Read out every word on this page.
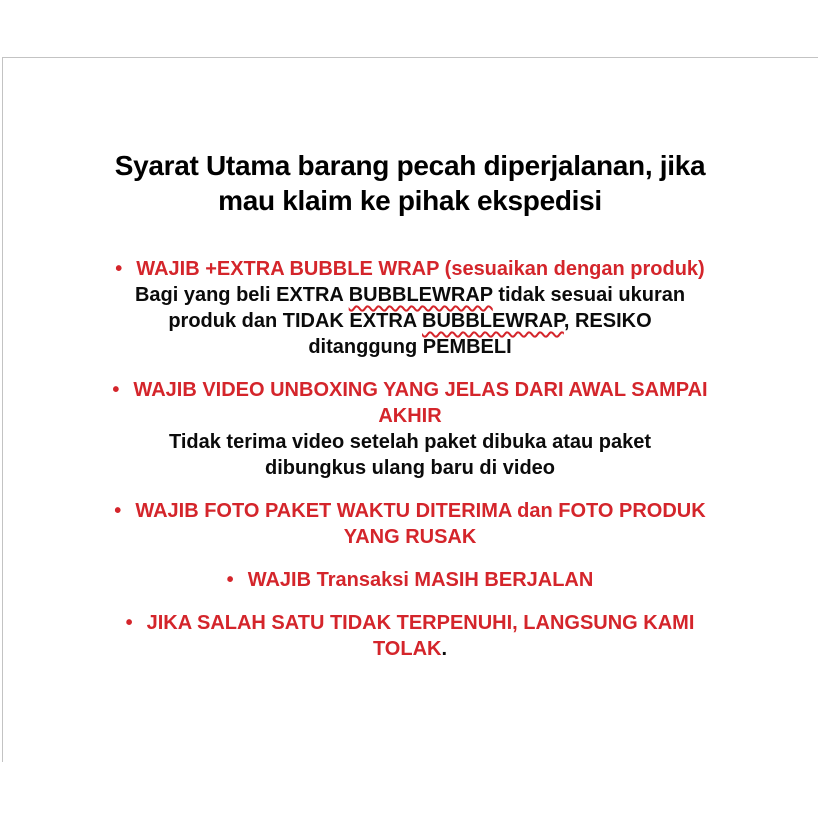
Syarat Utama barang pecah diperjalanan, jika
mau klaim ke pihak ekspedisi
• WAJIB +EXTRA BUBBLE WRAP (sesuaikan dengan produk)
Bagi yang beli EXTRA BUBBLEWRAP tidak sesuai ukuran
produk dan TIDAK EXTRA BUBBLEWRAP, RESIKO
ditanggung PEMBELI
• WAJIB VIDEO UNBOXING YANG JELAS DARI AWAL SAMPAI
AKHIR
Tidak terima video setelah paket dibuka atau paket
dibungkus ulang baru di video
• WAJIB FOTO PAKET WAKTU DITERIMA dan FOTO PRODUK
YANG RUSAK
• WAJIB Transaksi MASIH BERJALAN
• JIKA SALAH SATU TIDAK TERPENUHI, LANGSUNG KAMI
TOLAK.
